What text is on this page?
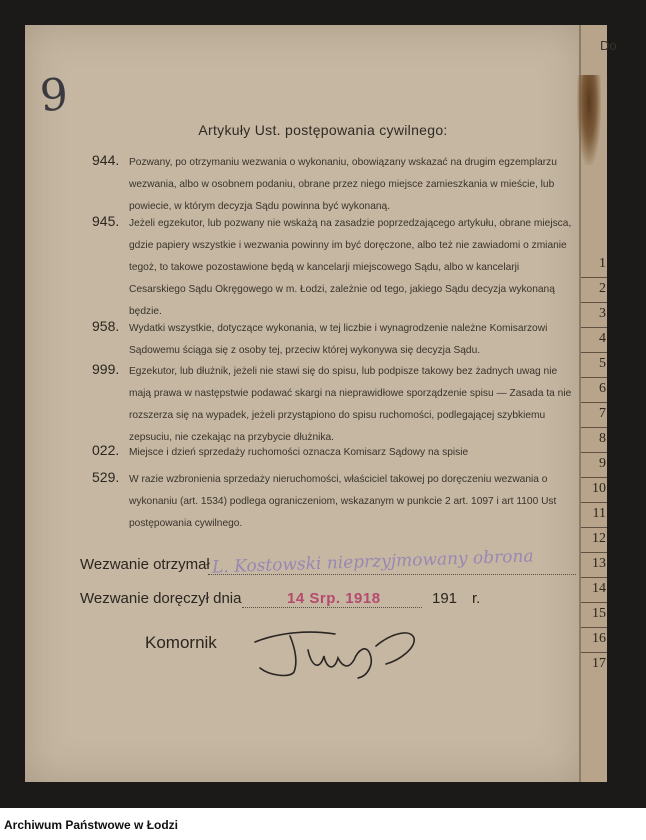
Do
1
2
3
4
5
6
7
8
9
10
11
12
13
14
15
16
17
9
Artykuły Ust. postępowania cywilnego:
944. Pozwany, po otrzymaniu wezwania o wykonaniu, obowiązany wskazać na drugim egzemplarzu wezwania, albo w osobnem podaniu, obrane przez niego miejsce zamieszkania w mieście, lub powiecie, w którym decyzja Sądu powinna być wykonaną.
945. Jeżeli egzekutor, lub pozwany nie wskażą na zasadzie poprzedzającego artykułu, obrane miejsca, gdzie papiery wszystkie i wezwania powinny im być doręczone, albo też nie zawiadomi o zmianie tegoż, to takowe pozostawione będą w kancelarji miejscowego Sądu, albo w kancelarji Cesarskiego Sądu Okręgowego w m. Łodzi, zależnie od tego, jakiego Sądu decyzja wykonaną będzie.
958. Wydatki wszystkie, dotyczące wykonania, w tej liczbie i wynagrodzenie należne Komisarzowi Sądowemu ściąga się z osoby tej, przeciw której wykonywa się decyzja Sądu.
999. Egzekutor, lub dłużnik, jeżeli nie stawi się do spisu, lub podpisze takowy bez żadnych uwag nie mają prawa w następstwie podawać skargi na nieprawidłowe sporządzenie spisu — Zasada ta nie rozszerza się na wypadek, jeżeli przystąpiono do spisu ruchomości, podlegającej szybkiemu zepsuciu, nie czekając na przybycie dłużnika.
022. Miejsce i dzień sprzedaży ruchomości oznacza Komisarz Sądowy na spisie
529. W razie wzbronienia sprzedaży nieruchomości, właściciel takowej po doręczeniu wezwania o wykonaniu (art. 1534) podlega ograniczeniom, wskazanym w punkcie 2 art. 1097 i art 1100 Ust postępowania cywilnego.
Wezwanie otrzymał L. Kostowski nieprzyjmowany obrona
Wezwanie doręczył dnia	14 Srp. 1918	191 r.
Komornik
Archiwum Państwowe w Łodzi
